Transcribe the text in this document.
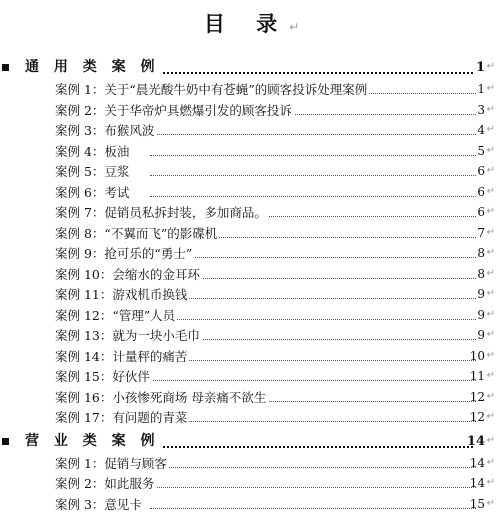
目 录↵
通 用 类 案 例	1 ↵
案例 1：关于“晨光酸牛奶中有苍蝇”的顾客投诉处理案例	1 ↵
案例 2：关于华帝炉具燃爆引发的顾客投诉	3 ↵
案例 3：布猴风波	4 ↵
案例 4：板油	5 ↵
案例 5：豆浆	6 ↵
案例 6：考试	6 ↵
案例 7：促销员私拆封装，多加商品。	6 ↵
案例 8：“不翼而飞”的影碟机	7 ↵
案例 9：抢可乐的“勇士”	8 ↵
案例 10：会缩水的金耳环	8 ↵
案例 11：游戏机币换钱	9 ↵
案例 12：“管理”人员	9 ↵
案例 13：就为一块小毛巾	9 ↵
案例 14：计量秤的痛苦	10 ↵
案例 15：好伙伴	11 ↵
案例 16：小孩惨死商场 母亲痛不欲生	12 ↵
案例 17：有问题的青菜	12 ↵
营 业 类 案 例	14 ↵
案例 1：促销与顾客	14 ↵
案例 2：如此服务	14 ↵
案例 3：意见卡	15 ↵
